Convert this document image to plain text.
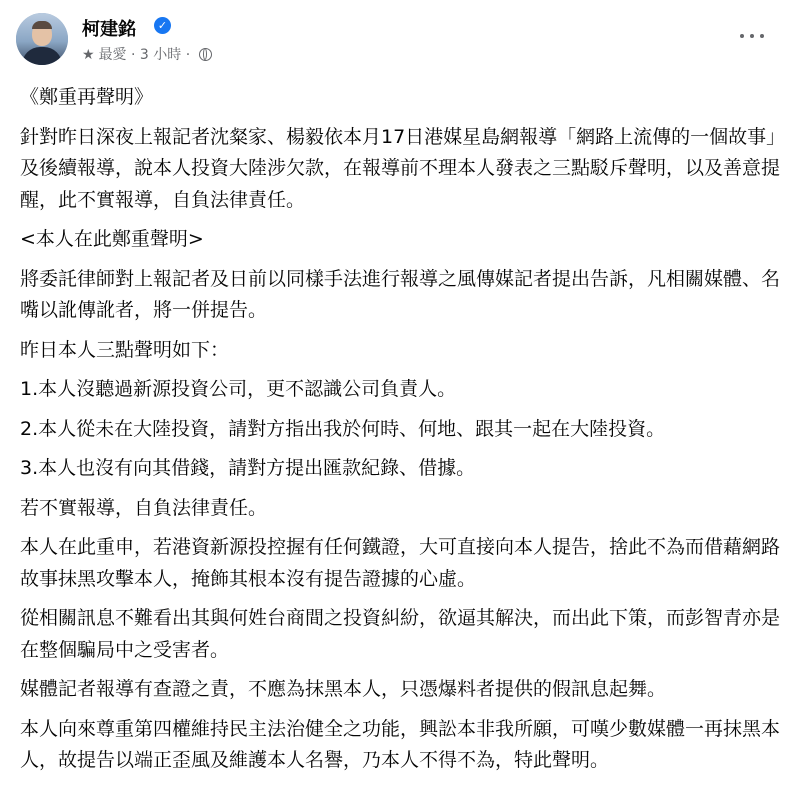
柯建銘	✓
★ 最愛 · 3 小時 ·

《鄭重再聲明》

針對昨日深夜上報記者沈粲家、楊毅依本月17日港媒星島網報導「網路上流傳的一個故事」及後續報導，說本人投資大陸涉欠款，在報導前不理本人發表之三點駁斥聲明，以及善意提醒，此不實報導，自負法律責任。

<本人在此鄭重聲明>

將委託律師對上報記者及日前以同樣手法進行報導之風傳媒記者提出告訴，凡相關媒體、名嘴以訛傳訛者，將一併提告。

昨日本人三點聲明如下：

1.本人沒聽過新源投資公司，更不認識公司負責人。

2.本人從未在大陸投資，請對方指出我於何時、何地、跟其一起在大陸投資。

3.本人也沒有向其借錢，請對方提出匯款紀錄、借據。

若不實報導，自負法律責任。

本人在此重申，若港資新源投控握有任何鐵證，大可直接向本人提告，捨此不為而借藉網路故事抹黑攻擊本人，掩飾其根本沒有提告證據的心虛。

從相關訊息不難看出其與何姓台商間之投資糾紛，欲逼其解決，而出此下策，而彭智青亦是在整個騙局中之受害者。

媒體記者報導有查證之責，不應為抹黑本人，只憑爆料者提供的假訊息起舞。

本人向來尊重第四權維持民主法治健全之功能，興訟本非我所願，可嘆少數媒體一再抹黑本人，故提告以端正歪風及維護本人名譽，乃本人不得不為，特此聲明。
